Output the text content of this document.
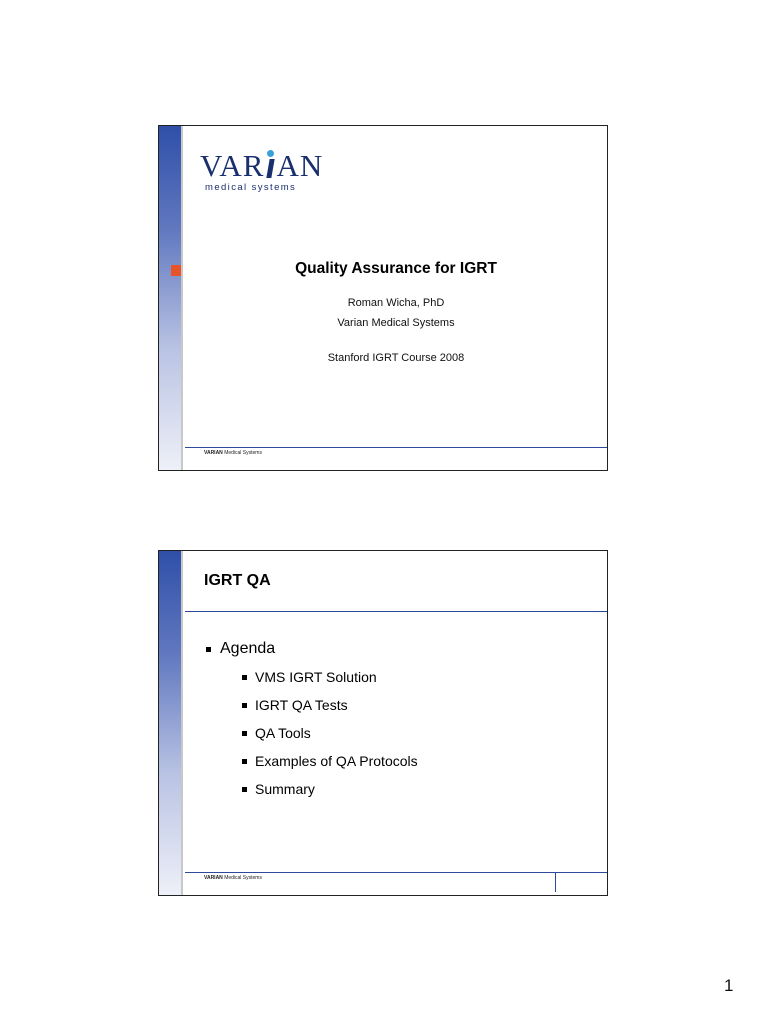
VAR AN
medical systems
Quality Assurance for IGRT
Roman Wicha, PhD
Varian Medical Systems
Stanford IGRT Course 2008
VARIAN Medical Systems
IGRT QA
Agenda
VMS IGRT Solution
IGRT QA Tests
QA Tools
Examples of QA Protocols
Summary
VARIAN Medical Systems
1
